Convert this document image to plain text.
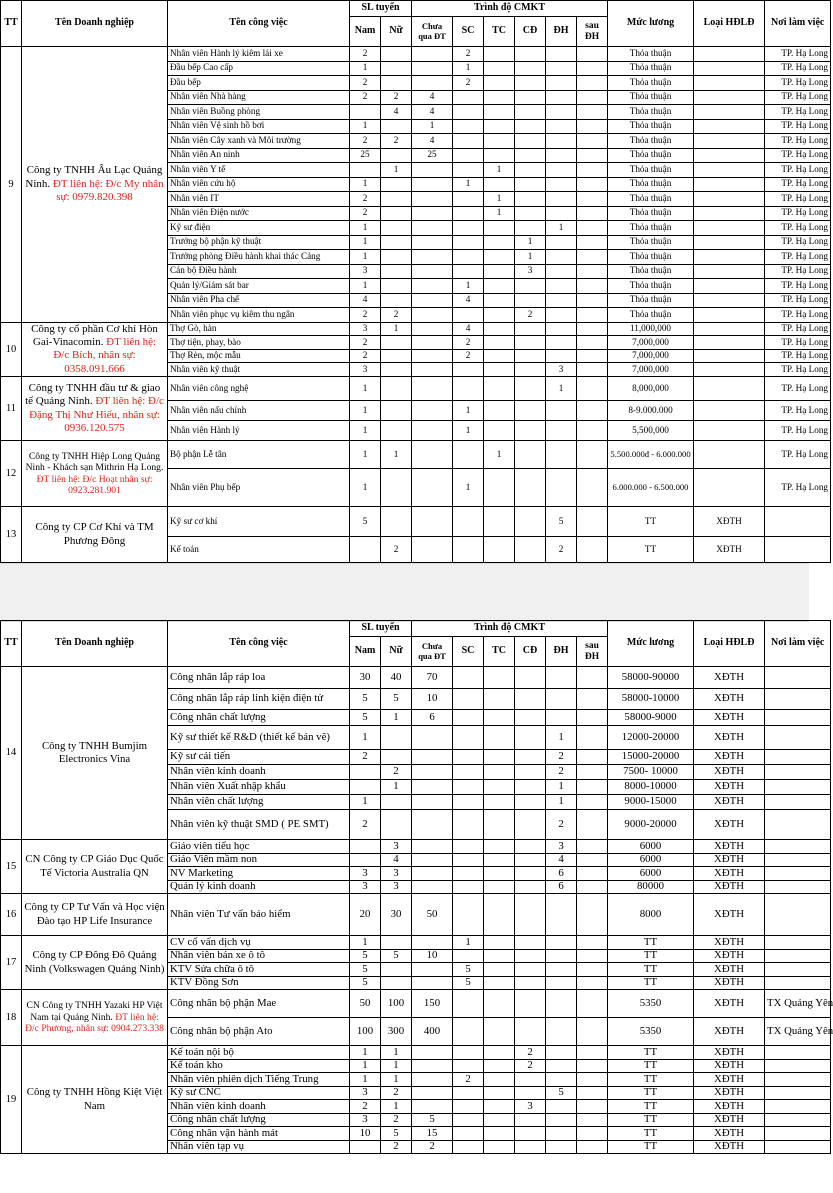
TT	Tên Doanh nghiệp	Tên công việc	SL tuyển		Trình độ CMKT						Mức lương	Loại HĐLĐ	Nơi làm việc
			Nam	Nữ	Chưa
qua ĐT	SC	TC	CĐ	ĐH	sau
ĐH			
9	Công ty TNHH Âu Lạc Quảng Ninh. ĐT liên hệ: Đ/c My nhân sự: 0979.820.398	Nhân viên Hành lý kiêm lái xe	2			2					Thỏa thuận		TP. Hạ Long
		Đầu bếp Cao cấp	1			1					Thỏa thuận		TP. Hạ Long
		Đầu bếp	2			2					Thỏa thuận		TP. Hạ Long
		Nhân viên Nhà hàng	2	2	4						Thỏa thuận		TP. Hạ Long
		Nhân viên Buồng phòng		4	4						Thỏa thuận		TP. Hạ Long
		Nhân viên Vệ sinh hồ bơi	1		1						Thỏa thuận		TP. Hạ Long
		Nhân viên Cây xanh và Môi trường	2	2	4						Thỏa thuận		TP. Hạ Long
		Nhân viên An ninh	25		25						Thỏa thuận		TP. Hạ Long
		Nhân viên Y tế		1			1				Thỏa thuận		TP. Hạ Long
		Nhân viên cứu hộ	1			1					Thỏa thuận		TP. Hạ Long
		Nhân viên IT	2				1				Thỏa thuận		TP. Hạ Long
		Nhân viên Điện nước	2				1				Thỏa thuận		TP. Hạ Long
		Kỹ sư điện	1						1		Thỏa thuận		TP. Hạ Long
		Trưởng bộ phận kỹ thuật	1					1			Thỏa thuận		TP. Hạ Long
		Trưởng phòng Điều hành khai thác Cảng	1					1			Thỏa thuận		TP. Hạ Long
		Cán bộ Điều hành	3					3			Thỏa thuận		TP. Hạ Long
		Quản lý/Giám sát bar	1			1					Thỏa thuận		TP. Hạ Long
		Nhân viên Pha chế	4			4					Thỏa thuận		TP. Hạ Long
		Nhân viên phục vụ kiêm thu ngân	2	2				2			Thỏa thuận		TP. Hạ Long
10	Công ty cổ phần Cơ khí Hòn Gai-Vinacomin. ĐT liên hệ: Đ/c Bích, nhân sự: 0358.091.666	Thợ Gò, hàn	3	1		4					11,000,000		TP. Hạ Long
		Thợ tiện, phay, bào	2			2					7,000,000		TP. Hạ Long
		Thợ Rèn, mộc mẫu	2			2					7,000,000		TP. Hạ Long
		Nhân viên kỹ thuật	3						3		7,000,000		TP. Hạ Long
11	Công ty TNHH đầu tư & giao tế Quảng Ninh. ĐT liên hệ: Đ/c Đặng Thị Như Hiếu, nhân sự: 0936.120.575	Nhân viên công nghệ	1						1		8,000,000		TP. Hạ Long
		Nhân viên nấu chính	1			1					8-9.000.000		TP. Hạ Long
		Nhân viên Hành lý	1			1					5,500,000		TP. Hạ Long
12	Công ty TNHH Hiệp Long Quảng Ninh - Khách sạn Mithrin Hạ Long. ĐT liên hệ: Đ/c Hoạt nhân sự: 0923.281.901	Bộ phận Lễ tân	1	1			1				5.500.000đ - 6.000.000		TP. Hạ Long
		Nhân viên Phụ bếp	1			1					6.000.000 - 6.500.000		TP. Hạ Long
13	Công ty CP Cơ Khí và TM Phương Đông	Kỹ sư cơ khí	5						5		TT	XĐTH	
		Kế toán		2					2		TT	XĐTH	
TT	Tên Doanh nghiệp	Tên công việc	SL tuyển		Trình độ CMKT						Mức lương	Loại HĐLĐ	Nơi làm việc
			Nam	Nữ	Chưa
qua ĐT	SC	TC	CĐ	ĐH	sau
ĐH			
14	Công ty TNHH Bumjim Electronics Vina	Công nhân lắp ráp loa	30	40	70						58000-90000	XĐTH	
		Công nhân lắp ráp linh kiện điện tử	5	5	10						58000-10000	XĐTH	
		Công nhân chất lượng	5	1	6						58000-9000	XĐTH	
		Kỹ sư thiết kế R&D (thiết kế bản vẽ)	1						1		12000-20000	XĐTH	
		Kỹ sư cải tiến	2						2		15000-20000	XĐTH	
		Nhân viên kinh doanh		2					2		7500- 10000	XĐTH	
		Nhân viên Xuất nhập khẩu		1					1		8000-10000	XĐTH	
		Nhân viên chất lượng	1						1		9000-15000	XĐTH	
		Nhân viên kỹ thuật SMD ( PE SMT)	2						2		9000-20000	XĐTH	
15	CN Công ty CP Giáo Dục Quốc Tế Victoria Australia QN	Giáo viên tiểu học		3					3		6000	XĐTH	
		Giáo Viên mầm non		4					4		6000	XĐTH	
		NV Marketing	3	3					6		6000	XĐTH	
		Quản lý kinh doanh	3	3					6		80000	XĐTH	
16	Công ty CP Tư Vấn và Học viện Đào tạo HP Life Insurance	Nhân viên Tư vấn bảo hiểm	20	30	50						8000	XĐTH	
17	Công ty CP Đông Đô Quảng Ninh (Volkswagen Quảng Ninh)	CV cố vấn dịch vụ	1			1					TT	XĐTH	
		Nhân viên bán xe ô tô	5	5	10						TT	XĐTH	
		KTV Sửa chữa ô tô	5			5					TT	XĐTH	
		KTV Đồng Sơn	5			5					TT	XĐTH	
18	CN Công ty TNHH Yazaki HP Việt Nam tại Quảng Ninh. ĐT liên hệ: Đ/c Phương, nhân sự: 0904.273.338	Công nhân bộ phận Mae	50	100	150						5350	XĐTH	TX Quảng Yên
		Công nhân bộ phận Ato	100	300	400						5350	XĐTH	TX Quảng Yên
19	Công ty TNHH Hồng Kiệt Việt Nam	Kế toán nội bộ	1	1				2			TT	XĐTH	
		Kế toán kho	1	1				2			TT	XĐTH	
		Nhân viên phiên dịch Tiếng Trung	1	1		2					TT	XĐTH	
		Kỹ sư CNC	3	2					5		TT	XĐTH	
		Nhân viên kinh doanh	2	1				3			TT	XĐTH	
		Công nhân chất lượng	3	2	5						TT	XĐTH	
		Công nhân vận hành mát	10	5	15						TT	XĐTH	
		Nhân viên tạp vụ		2	2						TT	XĐTH	
